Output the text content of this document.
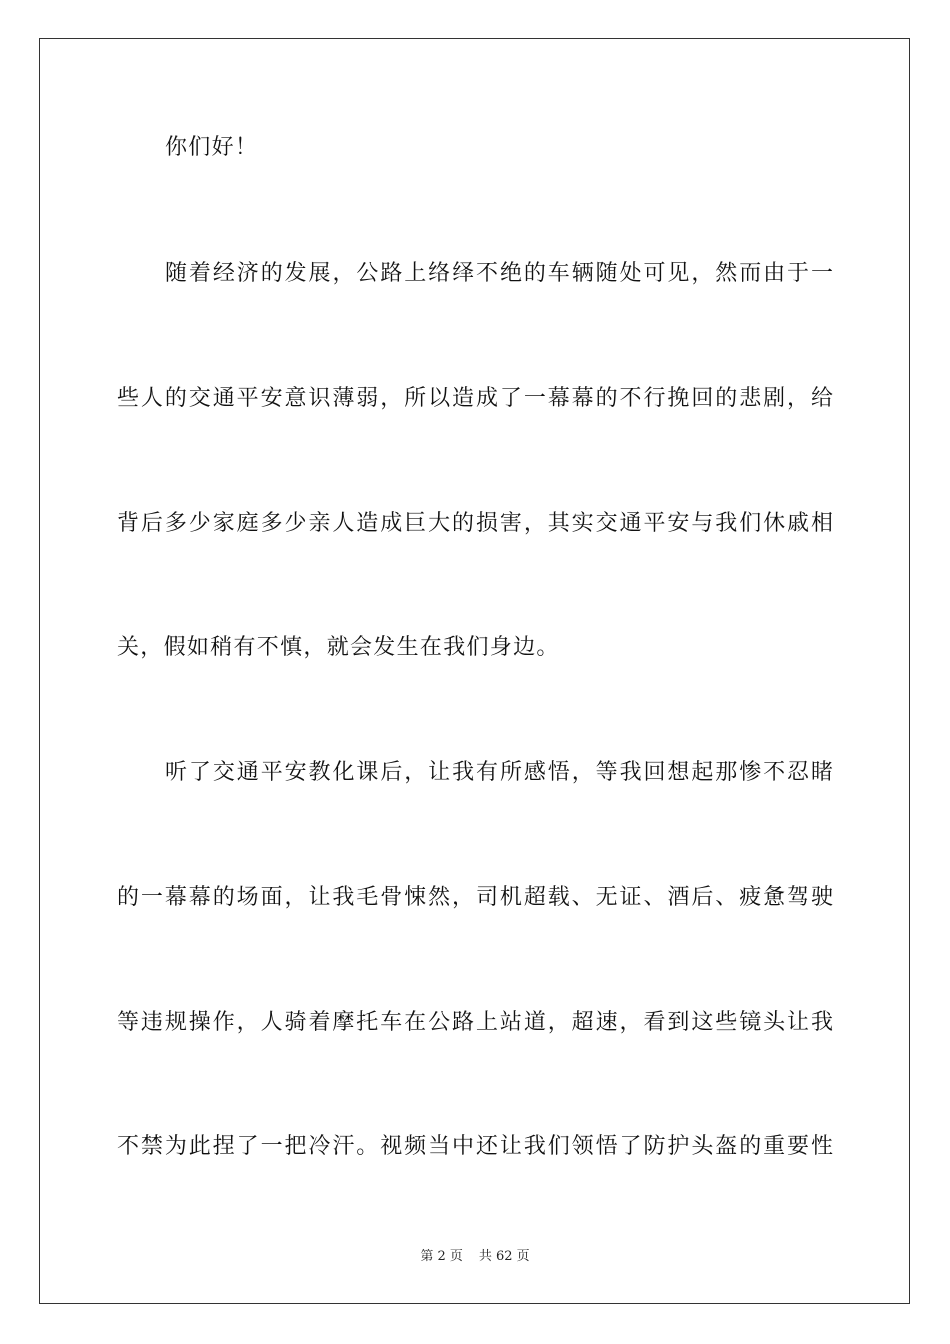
你们好！
随着经济的发展，公路上络绎不绝的车辆随处可见，然而由于一
些人的交通平安意识薄弱，所以造成了一幕幕的不行挽回的悲剧，给
背后多少家庭多少亲人造成巨大的损害，其实交通平安与我们休戚相
关，假如稍有不慎，就会发生在我们身边。
听了交通平安教化课后，让我有所感悟，等我回想起那惨不忍睹
的一幕幕的场面，让我毛骨悚然，司机超载、无证、酒后、疲惫驾驶
等违规操作，人骑着摩托车在公路上站道，超速，看到这些镜头让我
不禁为此捏了一把冷汗。视频当中还让我们领悟了防护头盔的重要性
第 2 页 共 62 页
